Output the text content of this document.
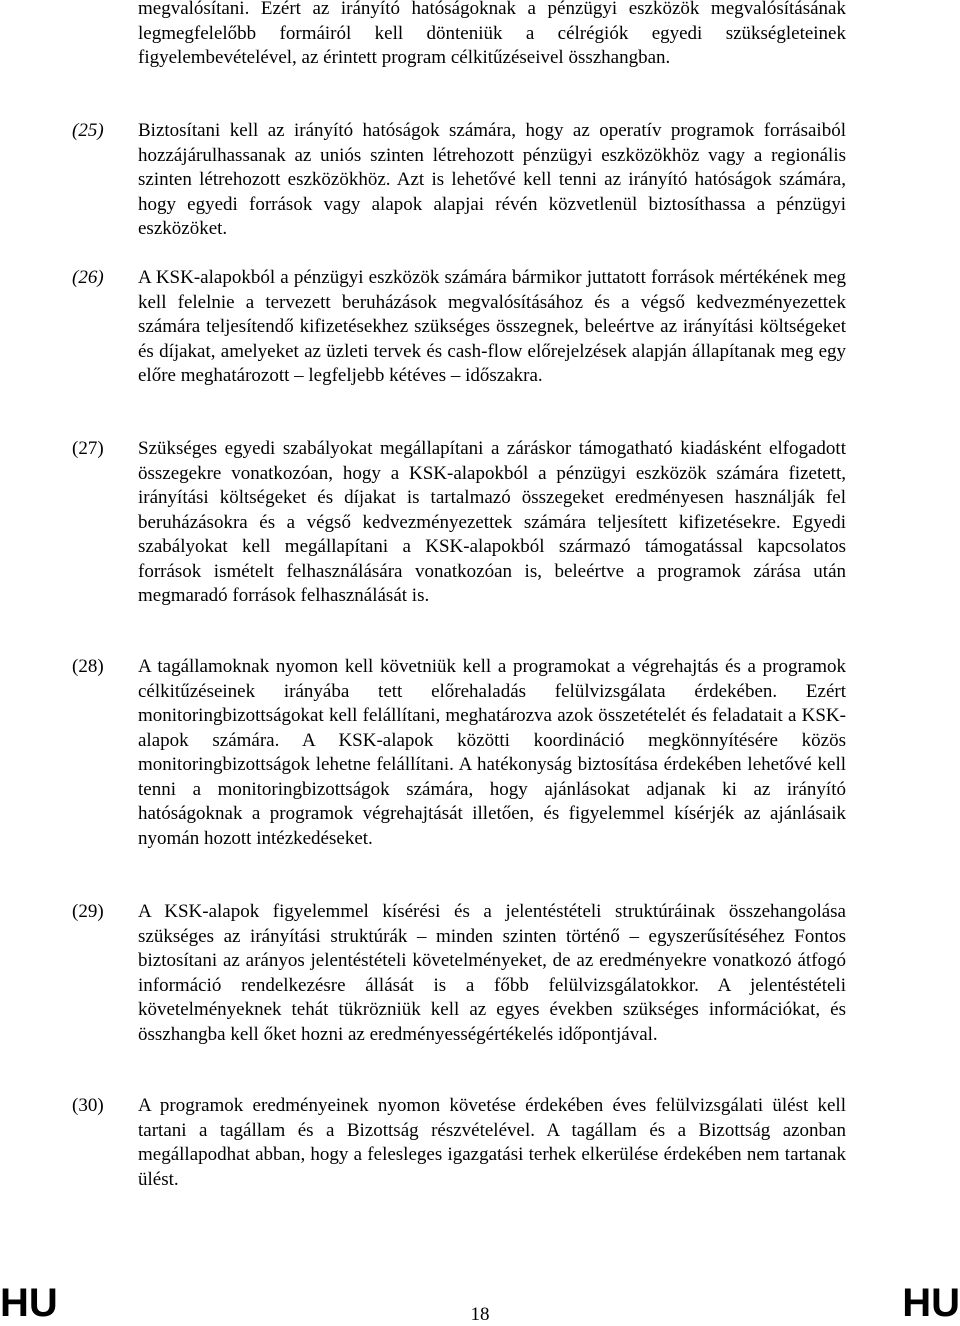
megvalósítani. Ezért az irányító hatóságoknak a pénzügyi eszközök megvalósításának legmegfelelőbb formáiról kell dönteniük a célrégiók egyedi szükségleteinek figyelembevételével, az érintett program célkitűzéseivel összhangban.
(25) Biztosítani kell az irányító hatóságok számára, hogy az operatív programok forrásaiból hozzájárulhassanak az uniós szinten létrehozott pénzügyi eszközökhöz vagy a regionális szinten létrehozott eszközökhöz. Azt is lehetővé kell tenni az irányító hatóságok számára, hogy egyedi források vagy alapok alapjai révén közvetlenül biztosíthassa a pénzügyi eszközöket.
(26) A KSK-alapokból a pénzügyi eszközök számára bármikor juttatott források mértékének meg kell felelnie a tervezett beruházások megvalósításához és a végső kedvezményezettek számára teljesítendő kifizetésekhez szükséges összegnek, beleértve az irányítási költségeket és díjakat, amelyeket az üzleti tervek és cash-flow előrejelzések alapján állapítanak meg egy előre meghatározott – legfeljebb kétéves – időszakra.
(27) Szükséges egyedi szabályokat megállapítani a záráskor támogatható kiadásként elfogadott összegekre vonatkozóan, hogy a KSK-alapokból a pénzügyi eszközök számára fizetett, irányítási költségeket és díjakat is tartalmazó összegeket eredményesen használják fel beruházásokra és a végső kedvezményezettek számára teljesített kifizetésekre. Egyedi szabályokat kell megállapítani a KSK-alapokból származó támogatással kapcsolatos források ismételt felhasználására vonatkozóan is, beleértve a programok zárása után megmaradó források felhasználását is.
(28) A tagállamoknak nyomon kell követniük kell a programokat a végrehajtás és a programok célkitűzéseinek irányába tett előrehaladás felülvizsgálata érdekében. Ezért monitoringbizottságokat kell felállítani, meghatározva azok összetételét és feladatait a KSK-alapok számára. A KSK-alapok közötti koordináció megkönnyítésére közös monitoringbizottságok lehetne felállítani. A hatékonyság biztosítása érdekében lehetővé kell tenni a monitoringbizottságok számára, hogy ajánlásokat adjanak ki az irányító hatóságoknak a programok végrehajtását illetően, és figyelemmel kísérjék az ajánlásaik nyomán hozott intézkedéseket.
(29) A KSK-alapok figyelemmel kísérési és a jelentéstételi struktúráinak összehangolása szükséges az irányítási struktúrák – minden szinten történő – egyszerűsítéséhez Fontos biztosítani az arányos jelentéstételi követelményeket, de az eredményekre vonatkozó átfogó információ rendelkezésre állását is a főbb felülvizsgálatokkor. A jelentéstételi követelményeknek tehát tükrözniük kell az egyes években szükséges információkat, és összhangba kell őket hozni az eredményességértékelés időpontjával.
(30) A programok eredményeinek nyomon követése érdekében éves felülvizsgálati ülést kell tartani a tagállam és a Bizottság részvételével. A tagállam és a Bizottság azonban megállapodhat abban, hogy a felesleges igazgatási terhek elkerülése érdekében nem tartanak ülést.
HU	18	HU
